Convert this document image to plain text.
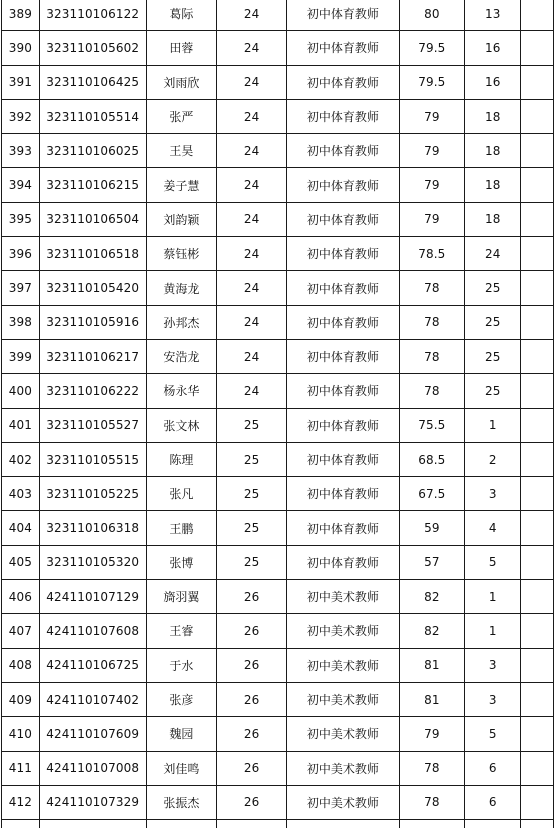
389	323110106122	葛际	24	初中体育教师	80	13	
390	323110105602	田蓉	24	初中体育教师	79.5	16	
391	323110106425	刘雨欣	24	初中体育教师	79.5	16	
392	323110105514	张严	24	初中体育教师	79	18	
393	323110106025	王昊	24	初中体育教师	79	18	
394	323110106215	姜子慧	24	初中体育教师	79	18	
395	323110106504	刘韵颖	24	初中体育教师	79	18	
396	323110106518	蔡钰彬	24	初中体育教师	78.5	24	
397	323110105420	黄海龙	24	初中体育教师	78	25	
398	323110105916	孙邦杰	24	初中体育教师	78	25	
399	323110106217	安浩龙	24	初中体育教师	78	25	
400	323110106222	杨永华	24	初中体育教师	78	25	
401	323110105527	张文林	25	初中体育教师	75.5	1	
402	323110105515	陈理	25	初中体育教师	68.5	2	
403	323110105225	张凡	25	初中体育教师	67.5	3	
404	323110106318	王鹏	25	初中体育教师	59	4	
405	323110105320	张博	25	初中体育教师	57	5	
406	424110107129	旖羽翼	26	初中美术教师	82	1	
407	424110107608	王睿	26	初中美术教师	82	1	
408	424110106725	于水	26	初中美术教师	81	3	
409	424110107402	张彦	26	初中美术教师	81	3	
410	424110107609	魏园	26	初中美术教师	79	5	
411	424110107008	刘佳鸣	26	初中美术教师	78	6	
412	424110107329	张振杰	26	初中美术教师	78	6	
